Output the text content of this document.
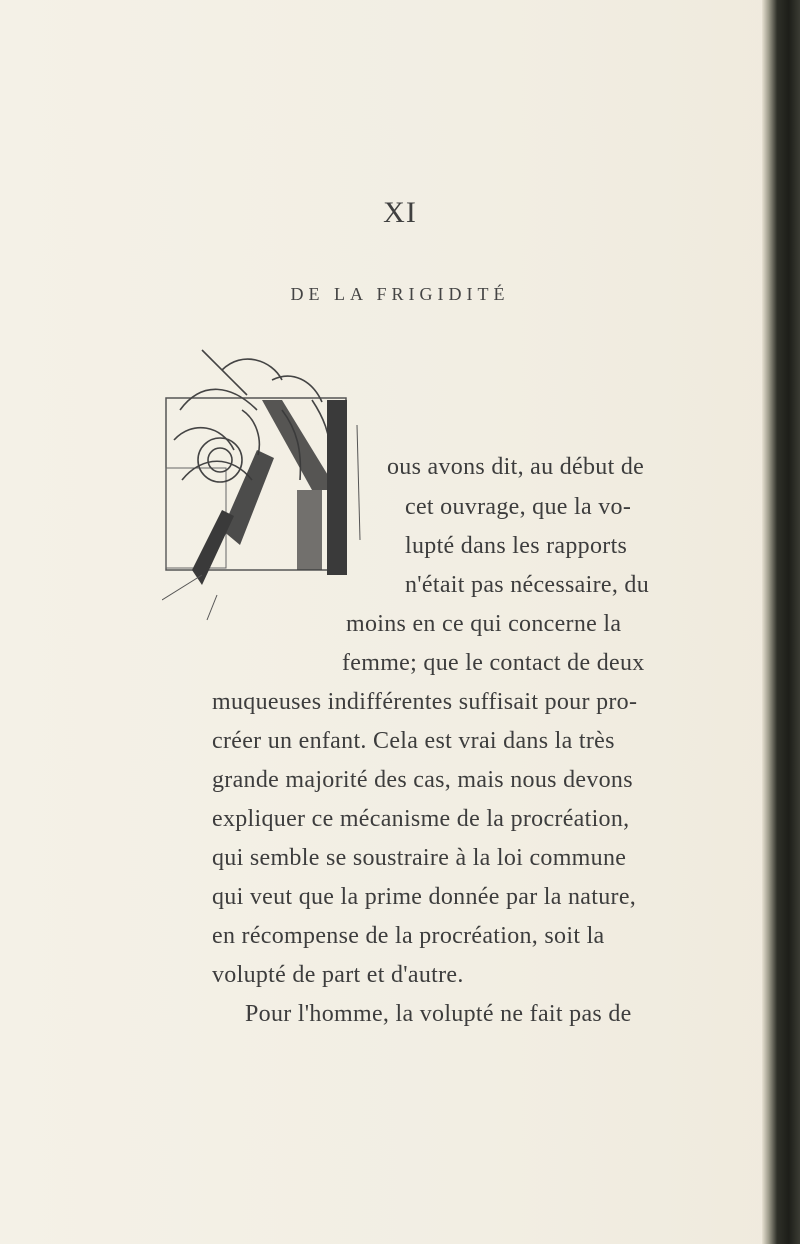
XI
DE LA FRIGIDITÉ
ous avons dit, au début de
cet ouvrage, que la vo-
lupté dans les rapports
n'était pas nécessaire, du
moins en ce qui concerne la
femme; que le contact de deux
muqueuses indifférentes suffisait pour pro-
créer un enfant. Cela est vrai dans la très
grande majorité des cas, mais nous devons
expliquer ce mécanisme de la procréation,
qui semble se soustraire à la loi commune
qui veut que la prime donnée par la nature,
en récompense de la procréation, soit la
volupté de part et d'autre.
Pour l'homme, la volupté ne fait pas de
